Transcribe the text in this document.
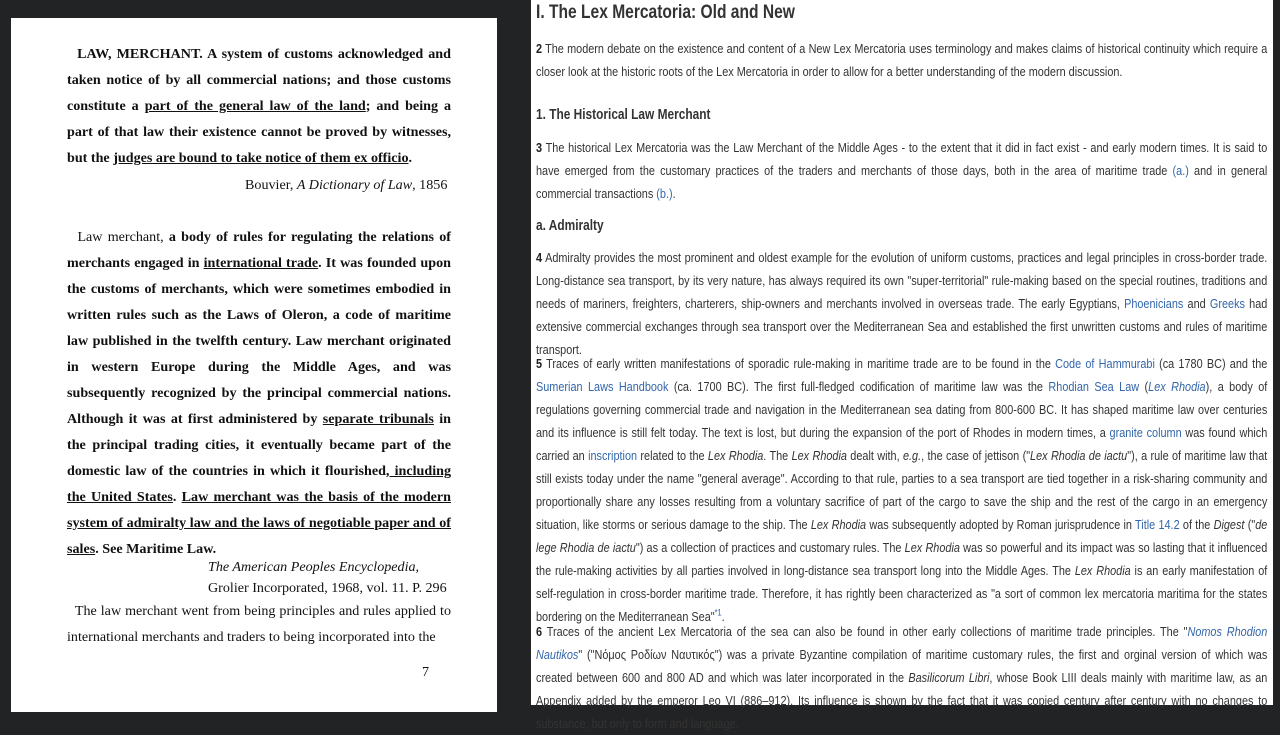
LAW, MERCHANT. A system of customs acknowledged and taken notice of by all commercial nations; and those customs constitute a part of the general law of the land; and being a part of that law their existence cannot be proved by witnesses, but the judges are bound to take notice of them ex officio.

Bouvier, A Dictionary of Law, 1856

Law merchant, a body of rules for regulating the relations of merchants engaged in international trade. It was founded upon the customs of merchants, which were sometimes embodied in written rules such as the Laws of Oleron, a code of maritime law published in the twelfth century. Law merchant originated in western Europe during the Middle Ages, and was subsequently recognized by the principal commercial nations. Although it was at first administered by separate tribunals in the principal trading cities, it eventually became part of the domestic law of the countries in which it flourished, including the United States. Law merchant was the basis of the modern system of admiralty law and the laws of negotiable paper and of sales. See Maritime Law.

The American Peoples Encyclopedia,
Grolier Incorporated, 1968, vol. 11. P. 296

The law merchant went from being principles and rules applied to international merchants and traders to being incorporated into the

7
I. The Lex Mercatoria: Old and New

2 The modern debate on the existence and content of a New Lex Mercatoria uses terminology and makes claims of historical continuity which require a closer look at the historic roots of the Lex Mercatoria in order to allow for a better understanding of the modern discussion.

1. The Historical Law Merchant

3 The historical Lex Mercatoria was the Law Merchant of the Middle Ages - to the extent that it did in fact exist - and early modern times. It is said to have emerged from the customary practices of the traders and merchants of those days, both in the area of maritime trade (a.) and in general commercial transactions (b.).

a. Admiralty

4 Admiralty provides the most prominent and oldest example for the evolution of uniform customs, practices and legal principles in cross-border trade. Long-distance sea transport, by its very nature, has always required its own "super-territorial" rule-making based on the special routines, traditions and needs of mariners, freighters, charterers, ship-owners and merchants involved in overseas trade. The early Egyptians, Phoenicians and Greeks had extensive commercial exchanges through sea transport over the Mediterranean Sea and established the first unwritten customs and rules of maritime transport.

5 Traces of early written manifestations of sporadic rule-making in maritime trade are to be found in the Code of Hammurabi (ca 1780 BC) and the Sumerian Laws Handbook (ca. 1700 BC). The first full-fledged codification of maritime law was the Rhodian Sea Law (Lex Rhodia), a body of regulations governing commercial trade and navigation in the Mediterranean sea dating from 800-600 BC. It has shaped maritime law over centuries and its influence is still felt today. The text is lost, but during the expansion of the port of Rhodes in modern times, a granite column was found which carried an inscription related to the Lex Rhodia. The Lex Rhodia dealt with, e.g., the case of jettison ("Lex Rhodia de iactu"), a rule of maritime law that still exists today under the name "general average". According to that rule, parties to a sea transport are tied together in a risk-sharing community and proportionally share any losses resulting from a voluntary sacrifice of part of the cargo to save the ship and the rest of the cargo in an emergency situation, like storms or serious damage to the ship. The Lex Rhodia was subsequently adopted by Roman jurisprudence in Title 14.2 of the Digest ("de lege Rhodia de iactu") as a collection of practices and customary rules. The Lex Rhodia was so powerful and its impact was so lasting that it influenced the rule-making activities by all parties involved in long-distance sea transport long into the Middle Ages. The Lex Rhodia is an early manifestation of self-regulation in cross-border maritime trade. Therefore, it has rightly been characterized as "a sort of common lex mercatoria maritima for the states bordering on the Mediterranean Sea"$^{*1}$.

6 Traces of the ancient Lex Mercatoria of the sea can also be found in other early collections of maritime trade principles. The "Nomos Rhodion Nautikos" ("Νόμος Ροδίων Ναυτικός") was a private Byzantine compilation of maritime customary rules, the first and orginal version of which was created between 600 and 800 AD and which was later incorporated in the Basilicorum Libri, whose Book LIII deals mainly with maritime law, as an Appendix added by the emperor Leo VI (886–912). Its influence is shown by the fact that it was copied century after century with no changes to substance, but only to form and language.
